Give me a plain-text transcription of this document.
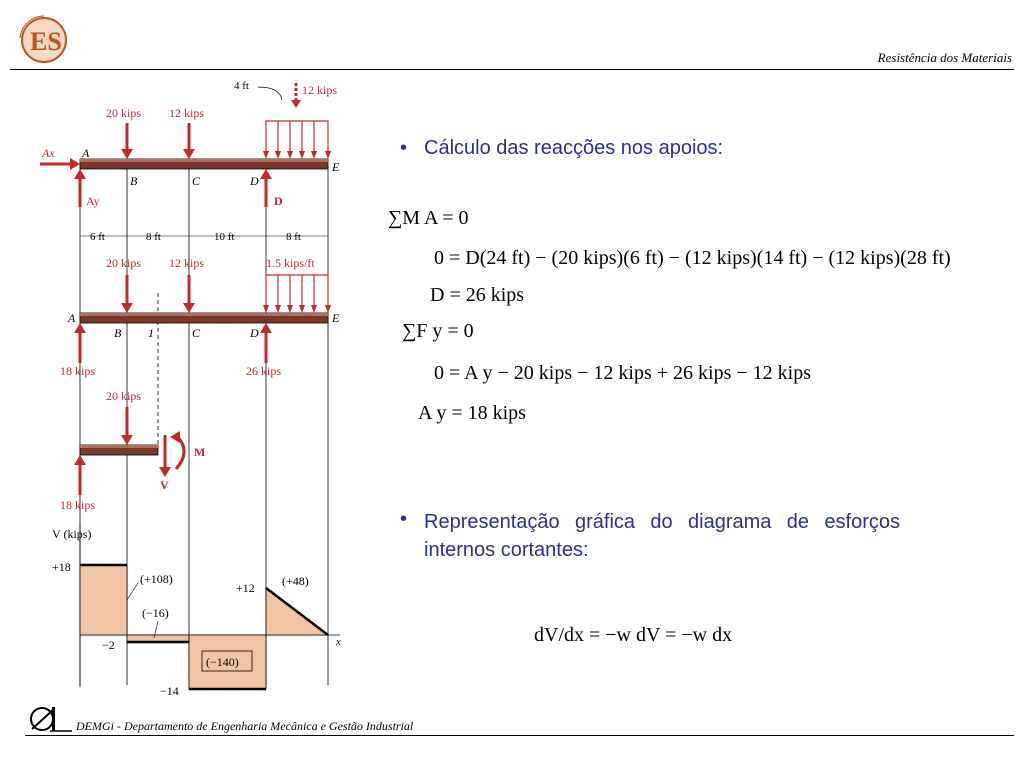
ES
Resistência dos Materiais
4 ft
20 kips 12 kips
12 kips
Ax
Ay	D
A
B	C	D
E
6 ft	8 ft	10 ft	8 ft
20 kips 12 kips	1.5 kips/ft
A
B 1	C	D
E
18 kips	26 kips
20 kips
18 kips
V
M
V (kips)
x
+18
−2
−14
+12
(+108)
(−16)
(−140)
(+48)
• Cálculo das reacções nos apoios:
∑M A = 0
0 = D(24 ft) − (20 kips)(6 ft) − (12 kips)(14 ft) − (12 kips)(28 ft)
D = 26 kips
∑F y = 0
0 = A y − 20 kips − 12 kips + 26 kips − 12 kips
A y = 18 kips
• Representação gráfica do diagrama de esforços internos cortantes:
dV/dx = −w dV = −w dx
DEMGi - Departamento de Engenharia Mecânica e Gestão Industrial
